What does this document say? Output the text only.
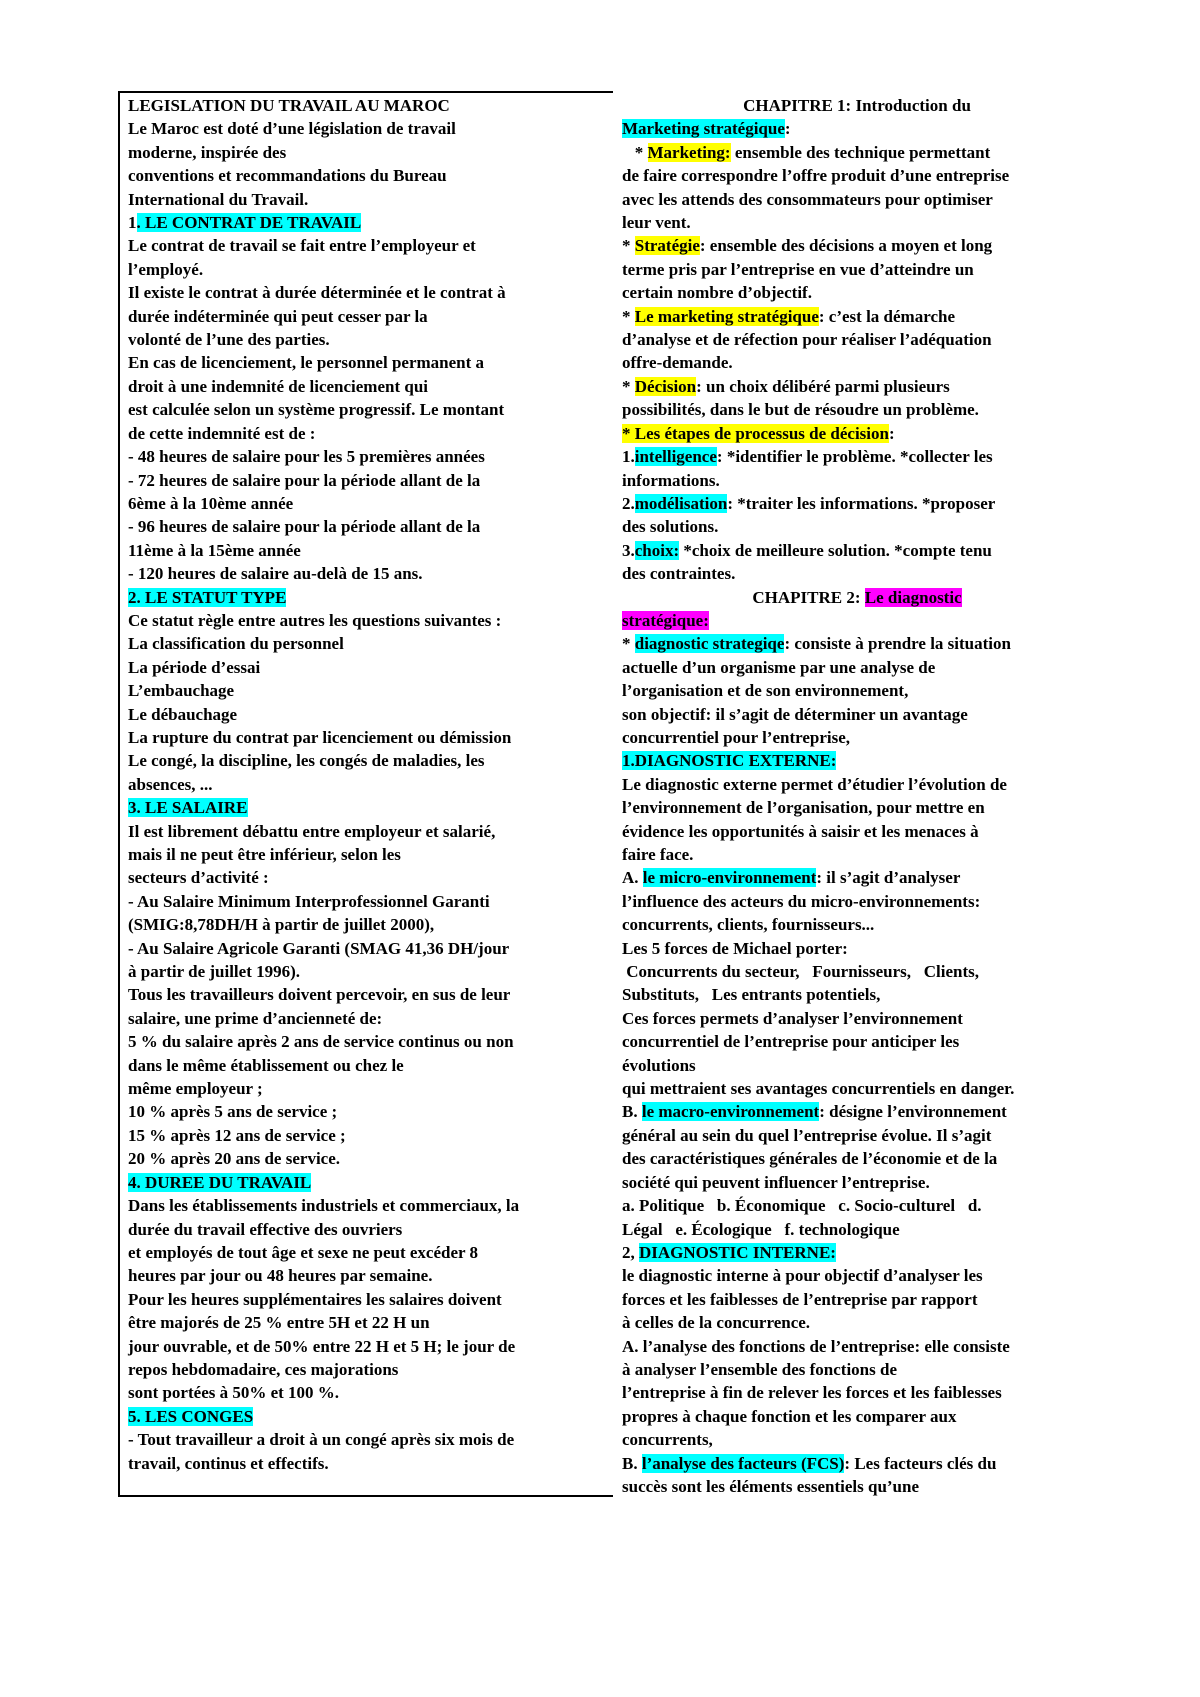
LEGISLATION DU TRAVAIL AU MAROC
Le Maroc est doté d’une législation de travail
moderne, inspirée des
conventions et recommandations du Bureau
International du Travail.
1. LE CONTRAT DE TRAVAIL
Le contrat de travail se fait entre l’employeur et
l’employé.
Il existe le contrat à durée déterminée et le contrat à
durée indéterminée qui peut cesser par la
volonté de l’une des parties.
En cas de licenciement, le personnel permanent a
droit à une indemnité de licenciement qui
est calculée selon un système progressif. Le montant
de cette indemnité est de :
- 48 heures de salaire pour les 5 premières années
- 72 heures de salaire pour la période allant de la
6ème à la 10ème année
- 96 heures de salaire pour la période allant de la
11ème à la 15ème année
- 120 heures de salaire au-delà de 15 ans.
2. LE STATUT TYPE
Ce statut règle entre autres les questions suivantes :
La classification du personnel
La période d’essai
L’embauchage
Le débauchage
La rupture du contrat par licenciement ou démission
Le congé, la discipline, les congés de maladies, les
absences, ...
3. LE SALAIRE
Il est librement débattu entre employeur et salarié,
mais il ne peut être inférieur, selon les
secteurs d’activité :
- Au Salaire Minimum Interprofessionnel Garanti
(SMIG:8,78DH/H à partir de juillet 2000),
- Au Salaire Agricole Garanti (SMAG 41,36 DH/jour
à partir de juillet 1996).
Tous les travailleurs doivent percevoir, en sus de leur
salaire, une prime d’ancienneté de:
5 % du salaire après 2 ans de service continus ou non
dans le même établissement ou chez le
même employeur ;
10 % après 5 ans de service ;
15 % après 12 ans de service ;
20 % après 20 ans de service.
4. DUREE DU TRAVAIL
Dans les établissements industriels et commerciaux, la
durée du travail effective des ouvriers
et employés de tout âge et sexe ne peut excéder 8
heures par jour ou 48 heures par semaine.
Pour les heures supplémentaires les salaires doivent
être majorés de 25 % entre 5H et 22 H un
jour ouvrable, et de 50% entre 22 H et 5 H; le jour de
repos hebdomadaire, ces majorations
sont portées à 50% et 100 %.
5. LES CONGES
- Tout travailleur a droit à un congé après six mois de
travail, continus et effectifs.
CHAPITRE 1: Introduction du
Marketing stratégique:
* Marketing: ensemble des technique permettant
de faire correspondre l’offre produit d’une entreprise
avec les attends des consommateurs pour optimiser
leur vent.
* Stratégie: ensemble des décisions a moyen et long
terme pris par l’entreprise en vue d’atteindre un
certain nombre d’objectif.
* Le marketing stratégique: c’est la démarche
d’analyse et de réfection pour réaliser l’adéquation
offre-demande.
* Décision: un choix délibéré parmi plusieurs
possibilités, dans le but de résoudre un problème.
* Les étapes de processus de décision:
1.intelligence: *identifier le problème. *collecter les
informations.
2.modélisation: *traiter les informations. *proposer
des solutions.
3.choix: *choix de meilleure solution. *compte tenu
des contraintes.
CHAPITRE 2: Le diagnostic
stratégique:
* diagnostic strategiqe: consiste à prendre la situation
actuelle d’un organisme par une analyse de
l’organisation et de son environnement,
son objectif: il s’agit de déterminer un avantage
concurrentiel pour l’entreprise,
1.DIAGNOSTIC EXTERNE:
Le diagnostic externe permet d’étudier l’évolution de
l’environnement de l’organisation, pour mettre en
évidence les opportunités à saisir et les menaces à
faire face.
A. le micro-environnement: il s’agit d’analyser
l’influence des acteurs du micro-environnements:
concurrents, clients, fournisseurs...
Les 5 forces de Michael porter:
Concurrents du secteur,   Fournisseurs,   Clients,
Substituts,   Les entrants potentiels,
Ces forces permets d’analyser l’environnement
concurrentiel de l’entreprise pour anticiper les
évolutions
qui mettraient ses avantages concurrentiels en danger.
B. le macro-environnement: désigne l’environnement
général au sein du quel l’entreprise évolue. Il s’agit
des caractéristiques générales de l’économie et de la
société qui peuvent influencer l’entreprise.
a. Politique   b. Économique   c. Socio-culturel   d.
Légal   e. Écologique   f. technologique
2, DIAGNOSTIC INTERNE:
le diagnostic interne à pour objectif d’analyser les
forces et les faiblesses de l’entreprise par rapport
à celles de la concurrence.
A. l’analyse des fonctions de l’entreprise: elle consiste
à analyser l’ensemble des fonctions de
l’entreprise à fin de relever les forces et les faiblesses
propres à chaque fonction et les comparer aux
concurrents,
B. l’analyse des facteurs (FCS): Les facteurs clés du
succès sont les éléments essentiels qu’une
